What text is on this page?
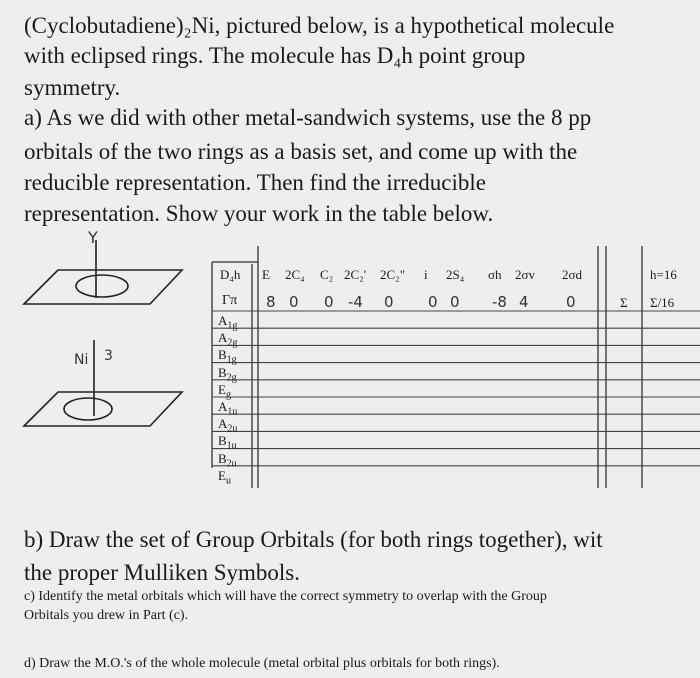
(Cyclobutadiene)₂Ni, pictured below, is a hypothetical molecule
with eclipsed rings. The molecule has D₄h point group
symmetry.
a) As we did with other metal-sandwich systems, use the 8 pp
orbitals of the two rings as a basis set, and come up with the
reducible representation. Then find the irreducible
representation. Show your work in the table below.
Y
Ni 3
D₄h E 2C₄ C₂ 2C₂' 2C₂" i 2S₄ σh 2σv 2σd
Σ
h=16
Σ/16
Γπ 8 0 0 -4 0 0 0 -8 4 0
$A_{1g}$
$A_{2g}$
$B_{1g}$
$B_{2g}$
$E_g$
$A_{1u}$
$A_{2u}$
$B_{1u}$
$B_{2u}$
$E_u$
b) Draw the set of Group Orbitals (for both rings together), wit
the proper Mulliken Symbols.
c) Identify the metal orbitals which will have the correct symmetry to overlap with the Group
Orbitals you drew in Part (c).
d) Draw the M.O.'s of the whole molecule (metal orbital plus orbitals for both rings).
